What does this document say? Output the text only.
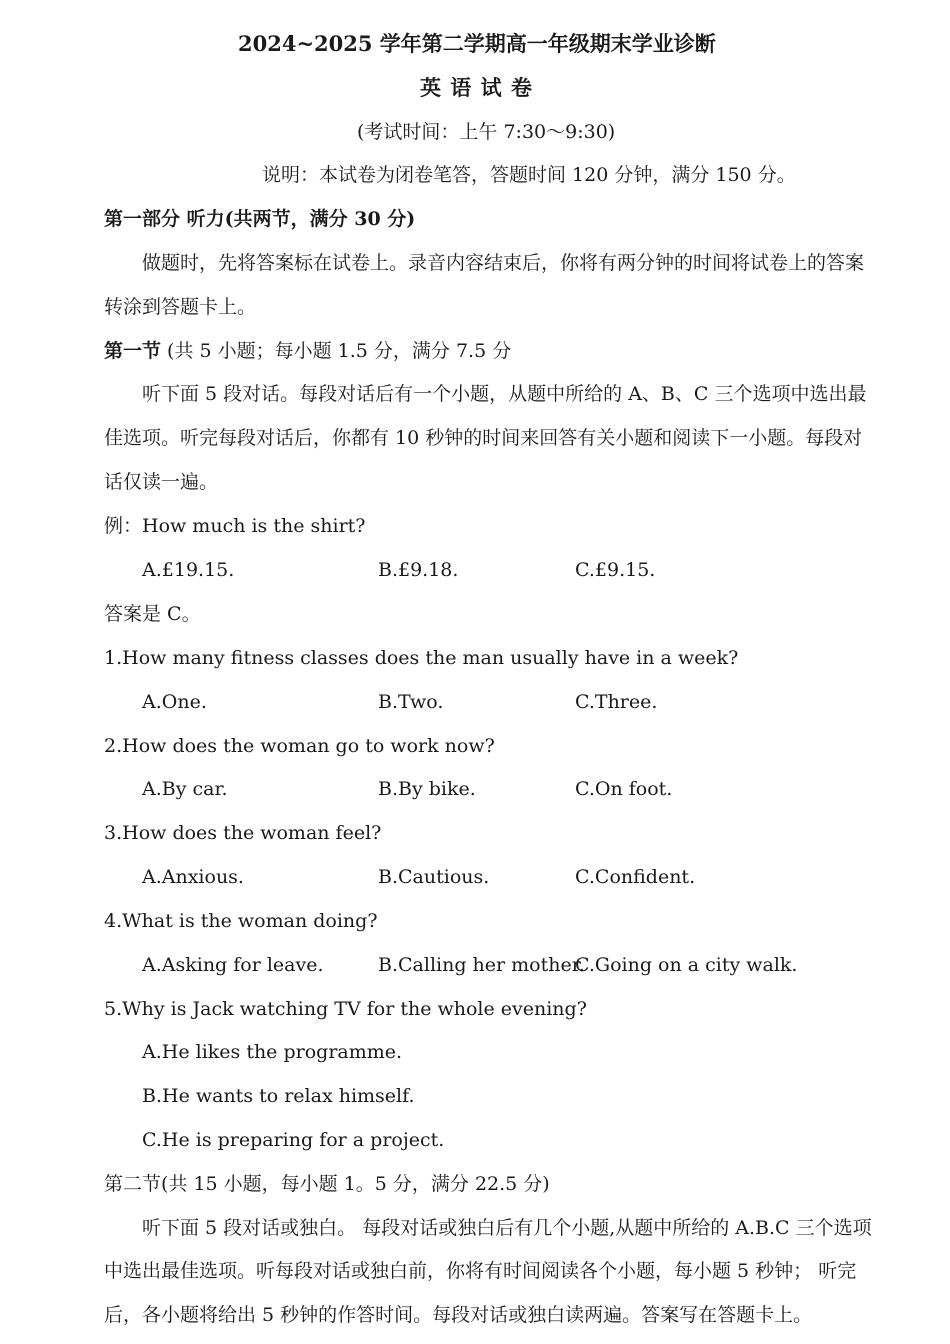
2024~2025 学年第二学期高一年级期末学业诊断
英 语 试 卷
(考试时间：上午 7:30～9:30)
说明：本试卷为闭卷笔答，答题时间 120 分钟，满分 150 分。
第一部分 听力(共两节，满分 30 分)
做题时，先将答案标在试卷上。录音内容结束后，你将有两分钟的时间将试卷上的答案
转涂到答题卡上。
第一节 (共 5 小题；每小题 1.5 分，满分 7.5 分
听下面 5 段对话。每段对话后有一个小题，从题中所给的 A、B、C 三个选项中选出最
佳选项。听完每段对话后，你都有 10 秒钟的时间来回答有关小题和阅读下一小题。每段对
话仅读一遍。
例：How much is the shirt?
A.£19.15.	B.£9.18.	C.£9.15.
答案是 C。
1.How many fitness classes does the man usually have in a week?
A.One.	B.Two.	C.Three.
2.How does the woman go to work now?
A.By car.	B.By bike.	C.On foot.
3.How does the woman feel?
A.Anxious.	B.Cautious.	C.Confident.
4.What is the woman doing?
A.Asking for leave.	B.Calling her mother.
C.Going on a city walk.
5.Why is Jack watching TV for the whole evening?
A.He likes the programme.
B.He wants to relax himself.
C.He is preparing for a project.
第二节(共 15 小题，每小题 1。5 分，满分 22.5 分)
听下面 5 段对话或独白。 每段对话或独白后有几个小题,从题中所给的 A.B.C 三个选项
中选出最佳选项。听每段对话或独白前，你将有时间阅读各个小题，每小题 5 秒钟； 听完
后，各小题将给出 5 秒钟的作答时间。每段对话或独白读两遍。答案写在答题卡上。
